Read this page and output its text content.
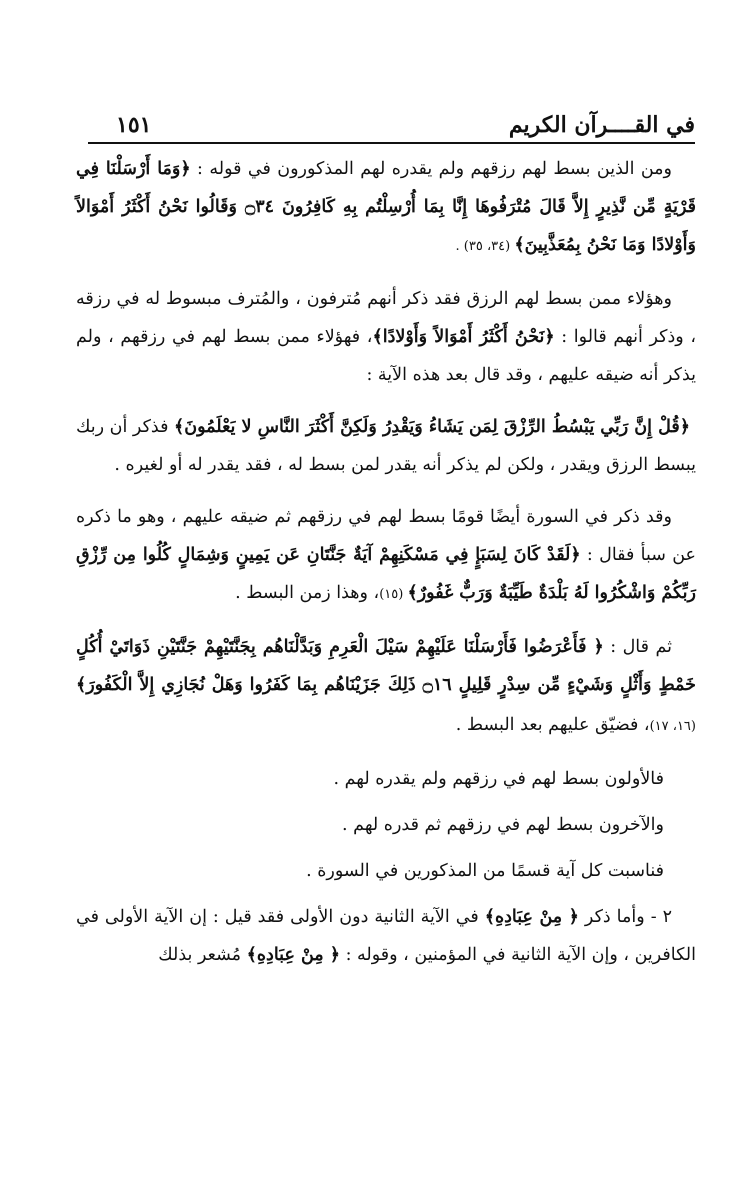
في القــــرآن الكريم
١٥١

ومن الذين بسط لهم رزقهم ولم يقدره لهم المذكورون في قوله : ﴿وَمَا أَرْسَلْنَا فِي قَرْيَةٍ مِّن نَّذِيرٍ إِلاَّ قَالَ مُتْرَفُوهَا إِنَّا بِمَا أُرْسِلْتُم بِهِ كَافِرُونَ ۝٣٤ وَقَالُوا نَحْنُ أَكْثَرُ أَمْوَالاً وَأَوْلادًا وَمَا نَحْنُ بِمُعَذَّبِينَ﴾ (٣٤، ٣٥) .

وهؤلاء ممن بسط لهم الرزق فقد ذكر أنهم مُترفون ، والمُترف مبسوط له في رزقه ، وذكر أنهم قالوا : ﴿نَحْنُ أَكْثَرُ أَمْوَالاً وَأَوْلادًا﴾، فهؤلاء ممن بسط لهم في رزقهم ، ولم يذكر أنه ضيقه عليهم ، وقد قال بعد هذه الآية :

﴿قُلْ إِنَّ رَبِّي يَبْسُطُ الرِّزْقَ لِمَن يَشَاءُ وَيَقْدِرُ وَلَكِنَّ أَكْثَرَ النَّاسِ لا يَعْلَمُونَ﴾ فذكر أن ربك يبسط الرزق ويقدر ، ولكن لم يذكر أنه يقدر لمن بسط له ، فقد يقدر له أو لغيره .

وقد ذكر في السورة أيضًا قومًا بسط لهم في رزقهم ثم ضيقه عليهم ، وهو ما ذكره عن سبأ فقال : ﴿لَقَدْ كَانَ لِسَبَإٍ فِي مَسْكَنِهِمْ آيَةٌ جَنَّتَانِ عَن يَمِينٍ وَشِمَالٍ كُلُوا مِن رِّزْقِ رَبِّكُمْ وَاشْكُرُوا لَهُ بَلْدَةٌ طَيِّبَةٌ وَرَبٌّ غَفُورٌ﴾ (١٥)، وهذا زمن البسط .

ثم قال : ﴿ فَأَعْرَضُوا فَأَرْسَلْنَا عَلَيْهِمْ سَيْلَ الْعَرِمِ وَبَدَّلْنَاهُم بِجَنَّتَيْهِمْ جَنَّتَيْنِ ذَوَاتَيْ أُكُلٍ خَمْطٍ وَأَثْلٍ وَشَيْءٍ مِّن سِدْرٍ قَلِيلٍ ۝١٦ ذَلِكَ جَزَيْنَاهُم بِمَا كَفَرُوا وَهَلْ نُجَازِي إِلاَّ الْكَفُورَ﴾ (١٦، ١٧)، فضيّق عليهم بعد البسط .

فالأولون بسط لهم في رزقهم ولم يقدره لهم .

والآخرون بسط لهم في رزقهم ثم قدره لهم .

فناسبت كل آية قسمًا من المذكورين في السورة .

٢ - وأما ذكر ﴿ مِنْ عِبَادِهِ﴾ في الآية الثانية دون الأولى فقد قيل : إن الآية الأولى في الكافرين ، وإن الآية الثانية في المؤمنين ، وقوله : ﴿ مِنْ عِبَادِهِ﴾ مُشعر بذلك
